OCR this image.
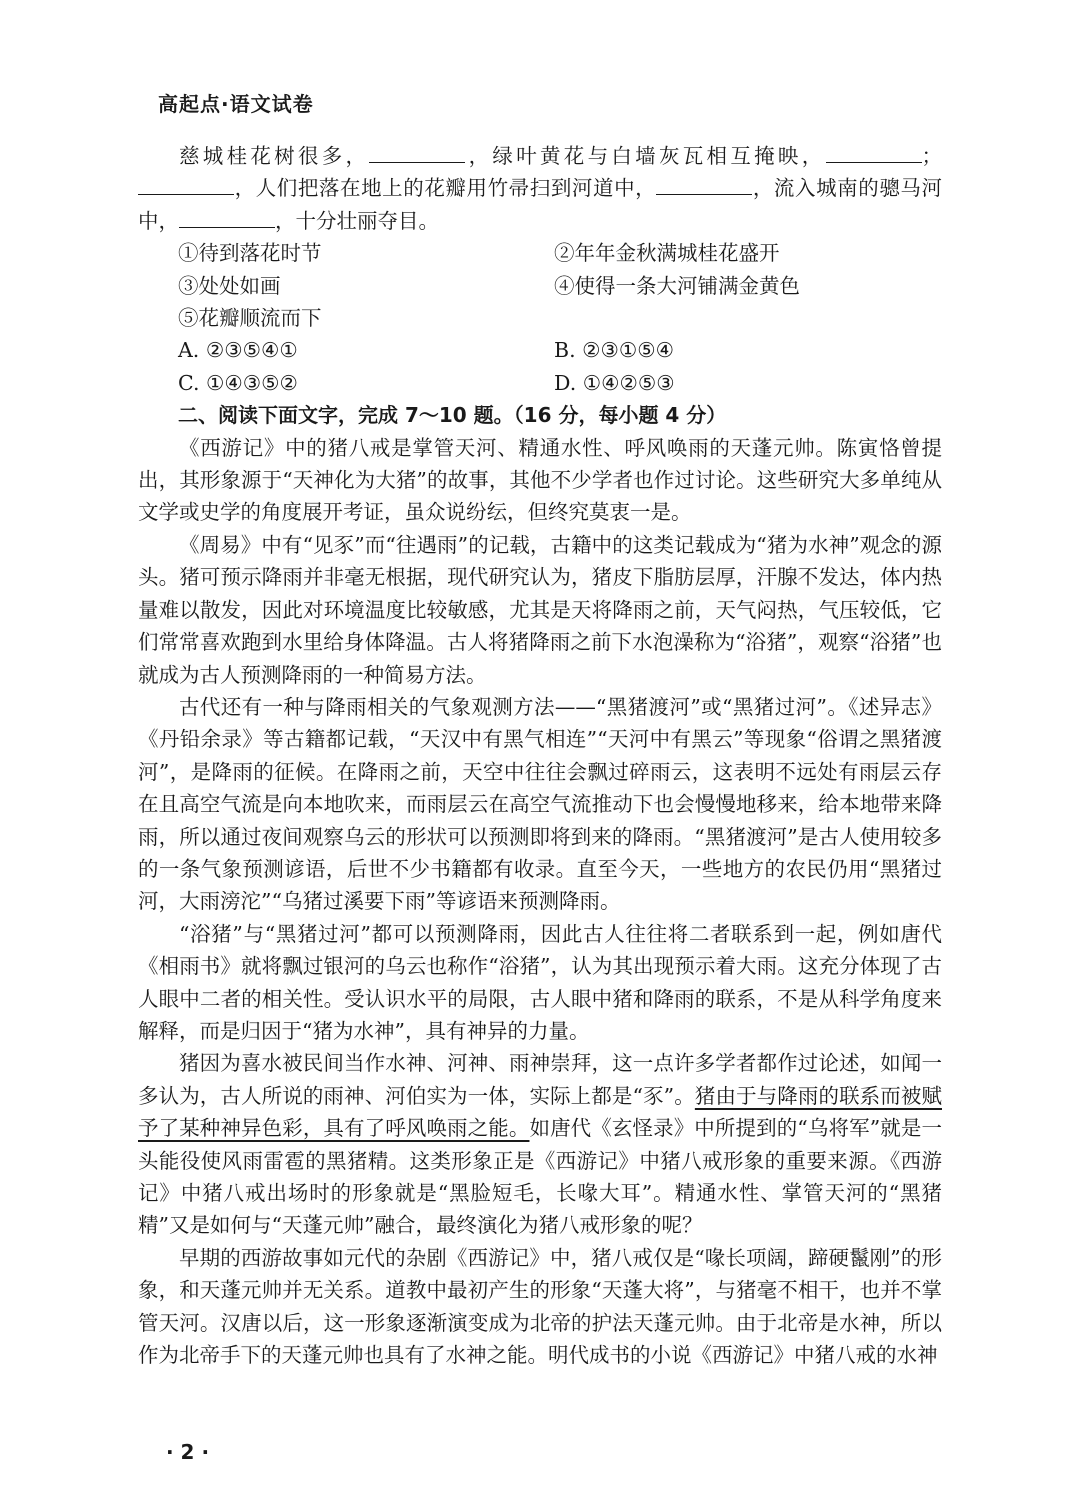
高起点·语文试卷

慈城桂花树很多，	，绿叶黄花与白墙灰瓦相互掩映，	；，人们把落在地上的花瓣用竹帚扫到河道中，	，流入城南的骢马河中，	，十分壮丽夺目。

①待到落花时节	②年年金秋满城桂花盛开
③处处如画	④使得一条大河铺满金黄色
⑤花瓣顺流而下
A. ②③⑤④①	B. ②③①⑤④
C. ①④③⑤②	D. ①④②⑤③
二、阅读下面文字，完成 7～10 题。（16 分，每小题 4 分）

《西游记》中的猪八戒是掌管天河、精通水性、呼风唤雨的天蓬元帅。陈寅恪曾提出，其形象源于“天神化为大猪”的故事，其他不少学者也作过讨论。这些研究大多单纯从文学或史学的角度展开考证，虽众说纷纭，但终究莫衷一是。

《周易》中有“见豕”而“往遇雨”的记载，古籍中的这类记载成为“猪为水神”观念的源头。猪可预示降雨并非毫无根据，现代研究认为，猪皮下脂肪层厚，汗腺不发达，体内热量难以散发，因此对环境温度比较敏感，尤其是天将降雨之前，天气闷热，气压较低，它们常常喜欢跑到水里给身体降温。古人将猪降雨之前下水泡澡称为“浴猪”，观察“浴猪”也就成为古人预测降雨的一种简易方法。

古代还有一种与降雨相关的气象观测方法——“黑猪渡河”或“黑猪过河”。《述异志》《丹铅余录》等古籍都记载，“天汉中有黑气相连”“天河中有黑云”等现象“俗谓之黑猪渡河”，是降雨的征候。在降雨之前，天空中往往会飘过碎雨云，这表明不远处有雨层云存在且高空气流是向本地吹来，而雨层云在高空气流推动下也会慢慢地移来，给本地带来降雨，所以通过夜间观察乌云的形状可以预测即将到来的降雨。“黑猪渡河”是古人使用较多的一条气象预测谚语，后世不少书籍都有收录。直至今天，一些地方的农民仍用“黑猪过河，大雨滂沱”“乌猪过溪要下雨”等谚语来预测降雨。

“浴猪”与“黑猪过河”都可以预测降雨，因此古人往往将二者联系到一起，例如唐代《相雨书》就将飘过银河的乌云也称作“浴猪”，认为其出现预示着大雨。这充分体现了古人眼中二者的相关性。受认识水平的局限，古人眼中猪和降雨的联系，不是从科学角度来解释，而是归因于“猪为水神”，具有神异的力量。

猪因为喜水被民间当作水神、河神、雨神崇拜，这一点许多学者都作过论述，如闻一多认为，古人所说的雨神、河伯实为一体，实际上都是“豕”。猪由于与降雨的联系而被赋予了某种神异色彩，具有了呼风唤雨之能。如唐代《玄怪录》中所提到的“乌将军”就是一头能役使风雨雷雹的黑猪精。这类形象正是《西游记》中猪八戒形象的重要来源。《西游记》中猪八戒出场时的形象就是“黑脸短毛，长喙大耳”。精通水性、掌管天河的“黑猪精”又是如何与“天蓬元帅”融合，最终演化为猪八戒形象的呢？

早期的西游故事如元代的杂剧《西游记》中，猪八戒仅是“喙长项阔，蹄硬鬣刚”的形象，和天蓬元帅并无关系。道教中最初产生的形象“天蓬大将”，与猪毫不相干，也并不掌管天河。汉唐以后，这一形象逐渐演变成为北帝的护法天蓬元帅。由于北帝是水神，所以作为北帝手下的天蓬元帅也具有了水神之能。明代成书的小说《西游记》中猪八戒的水神

· 2 ·
